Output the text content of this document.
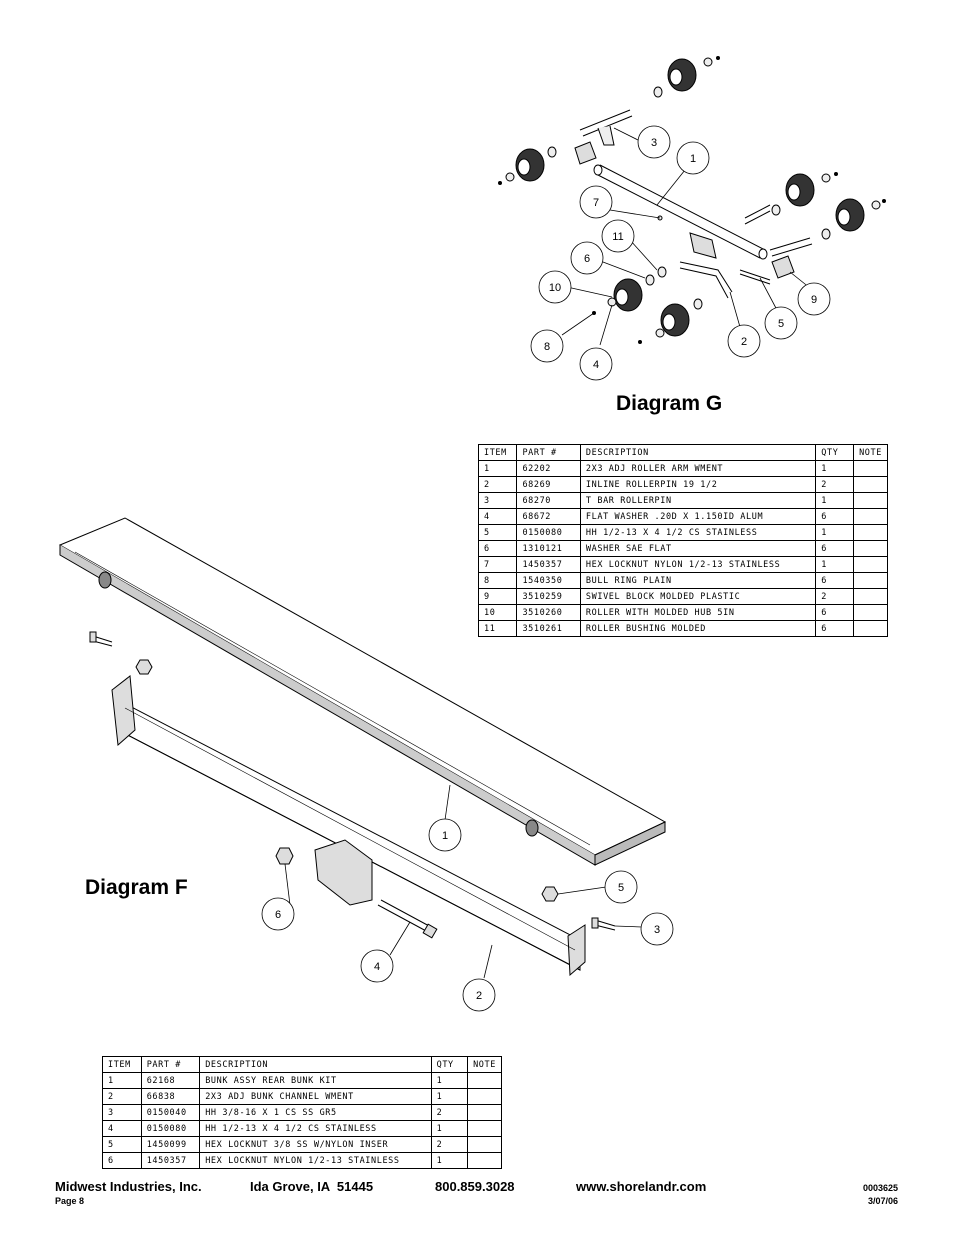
1
3
7
11
6
10
8
4
2
5
9
Diagram G
ITEM	PART #	DESCRIPTION	QTY	NOTE
1	62202	2X3 ADJ ROLLER ARM WMENT	1	
2	68269	INLINE ROLLERPIN 19 1/2	2	
3	68270	T BAR ROLLERPIN	1	
4	68672	FLAT WASHER .20D X 1.150ID ALUM	6	
5	0150080	HH 1/2-13 X 4 1/2 CS STAINLESS	1	
6	1310121	WASHER SAE FLAT	6	
7	1450357	HEX LOCKNUT NYLON 1/2-13 STAINLESS	1	
8	1540350	BULL RING PLAIN	6	
9	3510259	SWIVEL BLOCK MOLDED PLASTIC	2	
10	3510260	ROLLER WITH MOLDED HUB 5IN	6	
11	3510261	ROLLER BUSHING MOLDED	6	
1
5
3
6
4
2
Diagram F
ITEM	PART #	DESCRIPTION	QTY	NOTE
1	62168	BUNK ASSY REAR BUNK KIT	1	
2	66838	2X3 ADJ BUNK CHANNEL WMENT	1	
3	0150040	HH 3/8-16 X 1 CS SS GR5	2	
4	0150080	HH 1/2-13 X 4 1/2 CS STAINLESS	1	
5	1450099	HEX LOCKNUT 3/8 SS W/NYLON INSER	2	
6	1450357	HEX LOCKNUT NYLON 1/2-13 STAINLESS	1	
Midwest Industries, Inc.	Ida Grove, IA  51445	800.859.3028	www.shorelandr.com
Page 8
0003625
3/07/06
